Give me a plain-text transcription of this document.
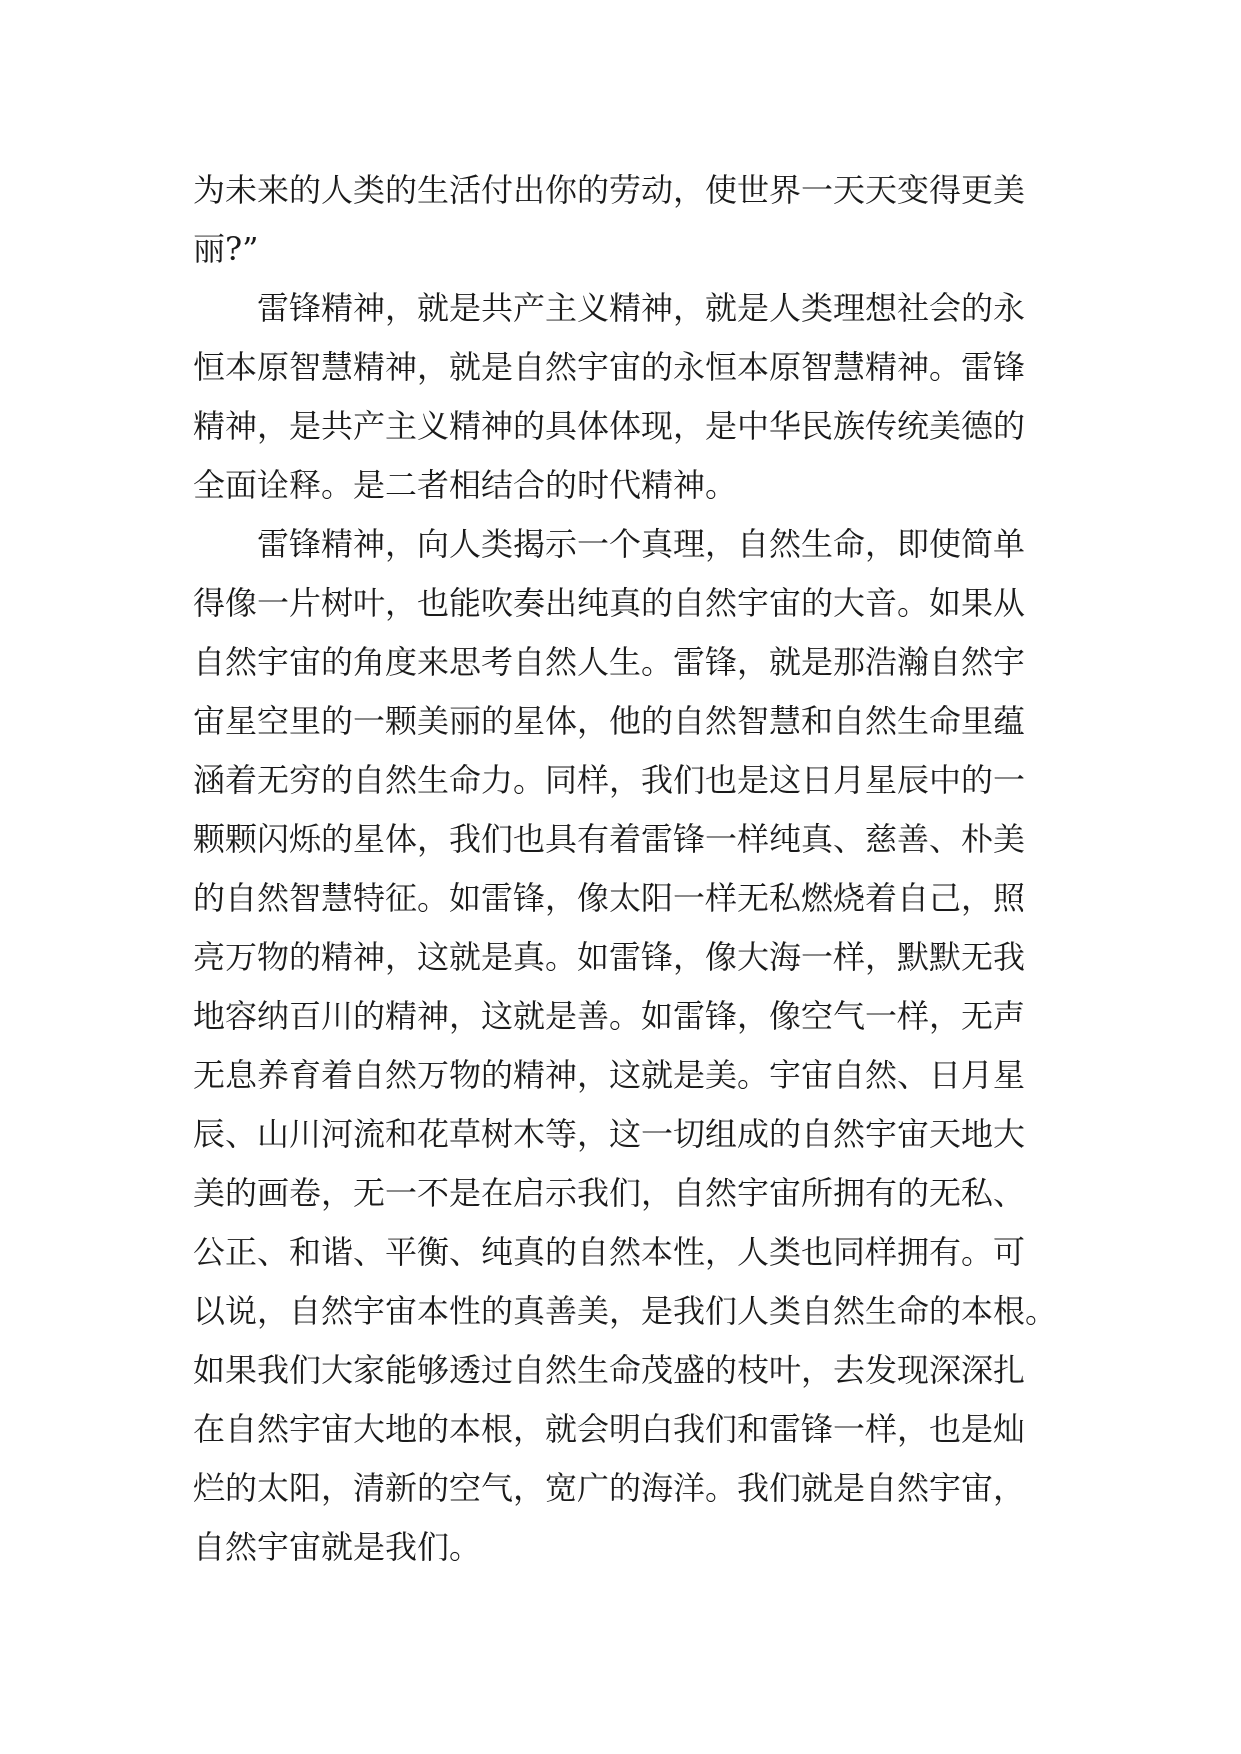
为未来的人类的生活付出你的劳动，使世界一天天变得更美
丽?”
　　雷锋精神，就是共产主义精神，就是人类理想社会的永
恒本原智慧精神，就是自然宇宙的永恒本原智慧精神。雷锋
精神，是共产主义精神的具体体现，是中华民族传统美德的
全面诠释。是二者相结合的时代精神。
　　雷锋精神，向人类揭示一个真理，自然生命，即使简单
得像一片树叶，也能吹奏出纯真的自然宇宙的大音。如果从
自然宇宙的角度来思考自然人生。雷锋，就是那浩瀚自然宇
宙星空里的一颗美丽的星体，他的自然智慧和自然生命里蕴
涵着无穷的自然生命力。同样，我们也是这日月星辰中的一
颗颗闪烁的星体，我们也具有着雷锋一样纯真、慈善、朴美
的自然智慧特征。如雷锋，像太阳一样无私燃烧着自己，照
亮万物的精神，这就是真。如雷锋，像大海一样，默默无我
地容纳百川的精神，这就是善。如雷锋，像空气一样，无声
无息养育着自然万物的精神，这就是美。宇宙自然、日月星
辰、山川河流和花草树木等，这一切组成的自然宇宙天地大
美的画卷，无一不是在启示我们，自然宇宙所拥有的无私、
公正、和谐、平衡、纯真的自然本性，人类也同样拥有。可
以说，自然宇宙本性的真善美，是我们人类自然生命的本根。
如果我们大家能够透过自然生命茂盛的枝叶，去发现深深扎
在自然宇宙大地的本根，就会明白我们和雷锋一样，也是灿
烂的太阳，清新的空气，宽广的海洋。我们就是自然宇宙，
自然宇宙就是我们。
